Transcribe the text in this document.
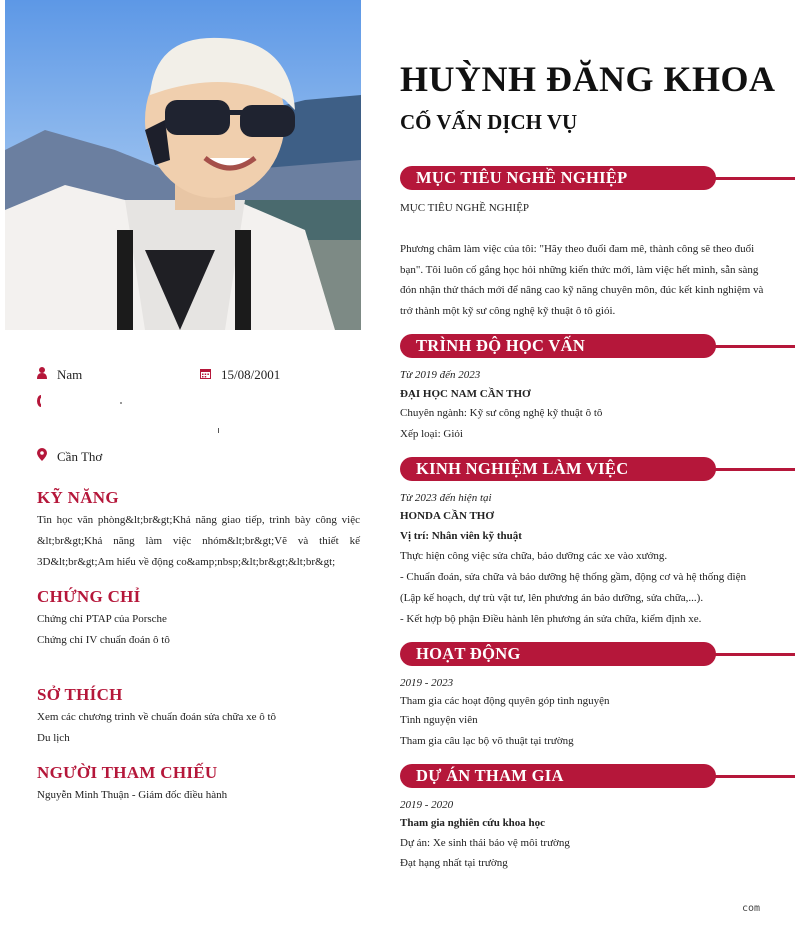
Nam	15/08/2001
Cần Thơ
KỸ NĂNG
Tin học văn phòng&lt;br&gt;Khả năng giao tiếp, trình bày công việc &lt;br&gt;Khả năng làm việc nhóm&lt;br&gt;Vẽ và thiết kế 3D&lt;br&gt;Am hiểu về động co&amp;nbsp;&lt;br&gt;&lt;br&gt;
CHỨNG CHỈ
Chứng chỉ PTAP của Porsche
Chứng chỉ IV chuẩn đoán ô tô
SỞ THÍCH
Xem các chương trình về chuẩn đoán sửa chữa xe ô tô
Du lịch
NGƯỜI THAM CHIẾU
Nguyễn Minh Thuận - Giám đốc điều hành
HUỲNH ĐĂNG KHOA
CỐ VẤN DỊCH VỤ
MỤC TIÊU NGHỀ NGHIỆP
MỤC TIÊU NGHỀ NGHIỆP
Phương châm làm việc của tôi: "Hãy theo đuổi đam mê, thành công sẽ theo đuổi bạn". Tôi luôn cố gắng học hỏi những kiến thức mới, làm việc hết mình, sẵn sàng đón nhận thử thách mới để nâng cao kỹ năng chuyên môn, đúc kết kinh nghiệm và trở thành một kỹ sư công nghệ kỹ thuật ô tô giỏi.
TRÌNH ĐỘ HỌC VẤN
Từ 2019 đến 2023
ĐẠI HỌC NAM CẦN THƠ
Chuyên ngành: Kỹ sư công nghệ kỹ thuật ô tô
Xếp loại: Giỏi
KINH NGHIỆM LÀM VIỆC
Từ 2023 đến hiện tại
HONDA CẦN THƠ
Vị trí: Nhân viên kỹ thuật
Thực hiện công việc sửa chữa, bảo dưỡng các xe vào xưởng.
- Chuẩn đoán, sửa chữa và bảo dưỡng hệ thống gầm, động cơ và hệ thống điện (Lập kế hoạch, dự trù vật tư, lên phương án bảo dưỡng, sửa chữa,...).
- Kết hợp bộ phận Điều hành lên phương án sửa chữa, kiểm định xe.
HOẠT ĐỘNG
2019 - 2023
Tham gia các hoạt động quyên góp tình nguyện
Tình nguyện viên
Tham gia câu lạc bộ võ thuật tại trường
DỰ ÁN THAM GIA
2019 - 2020
Tham gia nghiên cứu khoa học
Dự án: Xe sinh thái bảo vệ môi trường
Đạt hạng nhất tại trường
com
